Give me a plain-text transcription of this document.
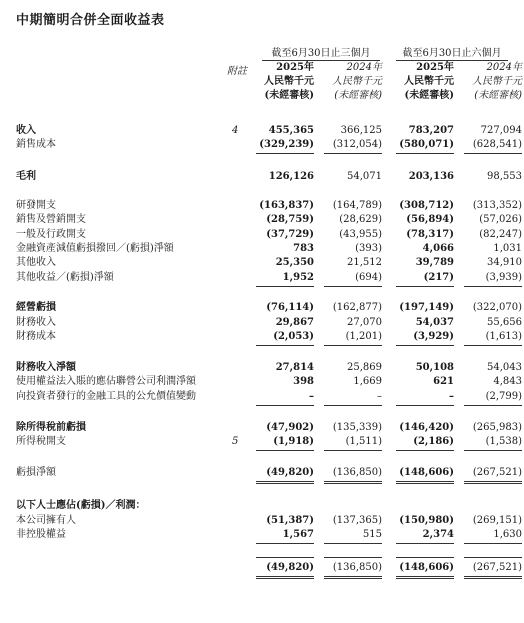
中期簡明合併全面收益表
附註
截至6月30日止三個月	截至6月30日止六個月
2025年	2024年	2025年	2024年
人民幣千元	人民幣千元	人民幣千元	人民幣千元
(未經審核)	(未經審核)	(未經審核)	(未經審核)
收入	4	455,365	366,125	783,207	727,094
銷售成本	(329,239)	(312,054)	(580,071)	(628,541)
毛利	126,126	54,071	203,136	98,553
研發開支	(163,837)	(164,789)	(308,712)	(313,352)
銷售及營銷開支	(28,759)	(28,629)	(56,894)	(57,026)
一般及行政開支	(37,729)	(43,955)	(78,317)	(82,247)
金融資產減值虧損撥回／(虧損)淨額	783	(393)	4,066	1,031
其他收入	25,350	21,512	39,789	34,910
其他收益／(虧損)淨額	1,952	(694)	(217)	(3,939)
經營虧損	(76,114)	(162,877)	(197,149)	(322,070)
財務收入	29,867	27,070	54,037	55,656
財務成本	(2,053)	(1,201)	(3,929)	(1,613)
財務收入淨額	27,814	25,869	50,108	54,043
使用權益法入賬的應佔聯營公司利潤淨額	398	1,669	621	4,843
向投資者發行的金融工具的公允價值變動	–	–	–	(2,799)
除所得稅前虧損	(47,902)	(135,339)	(146,420)	(265,983)
所得稅開支	5	(1,918)	(1,511)	(2,186)	(1,538)
虧損淨額	(49,820)	(136,850)	(148,606)	(267,521)
以下人士應佔(虧損)／利潤：
本公司擁有人	(51,387)	(137,365)	(150,980)	(269,151)
非控股權益	1,567	515	2,374	1,630
(49,820)	(136,850)	(148,606)	(267,521)
